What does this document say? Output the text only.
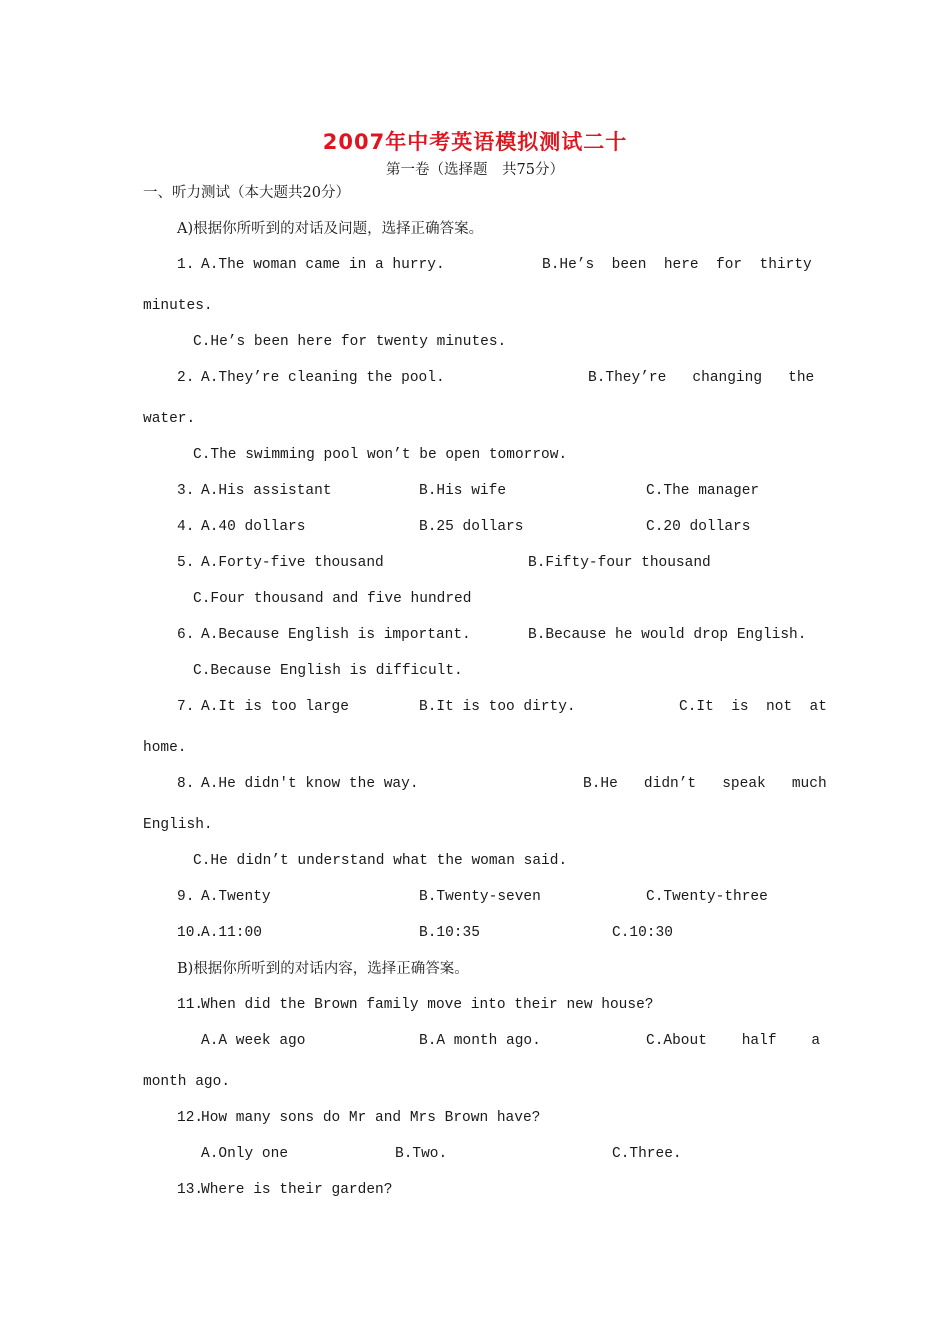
2007年中考英语模拟测试二十
第一卷（选择题　共75分）
一、听力测试（本大题共20分）
A)根据你所听到的对话及问题，选择正确答案。
1. A.The woman came in a hurry.	B.He’s  been  here  for  thirty
minutes.
C.He’s been here for twenty minutes.
2. A.They’re cleaning the pool.	B.They’re   changing   the
water.
C.The swimming pool won’t be open tomorrow.
3. A.His assistant	B.His wife	C.The manager
4. A.40 dollars	B.25 dollars	C.20 dollars
5. A.Forty-five thousand	B.Fifty-four thousand
C.Four thousand and five hundred
6. A.Because English is important.	B.Because he would drop English.
C.Because English is difficult.
7. A.It is too large	B.It is too dirty.	C.It  is  not  at
home.
8. A.He didn't know the way.	B.He   didn’t   speak   much
English.
C.He didn’t understand what the woman said.
9. A.Twenty	B.Twenty-seven	C.Twenty-three
10.
A.11:00	B.10:35	C.10:30
B)根据你所听到的对话内容，选择正确答案。
11.
When did the Brown family move into their new house?
A.A week ago	B.A month ago.	C.About    half    a
month ago.
12.
How many sons do Mr and Mrs Brown have?
A.Only one	B.Two.	C.Three.
13.
Where is their garden?
